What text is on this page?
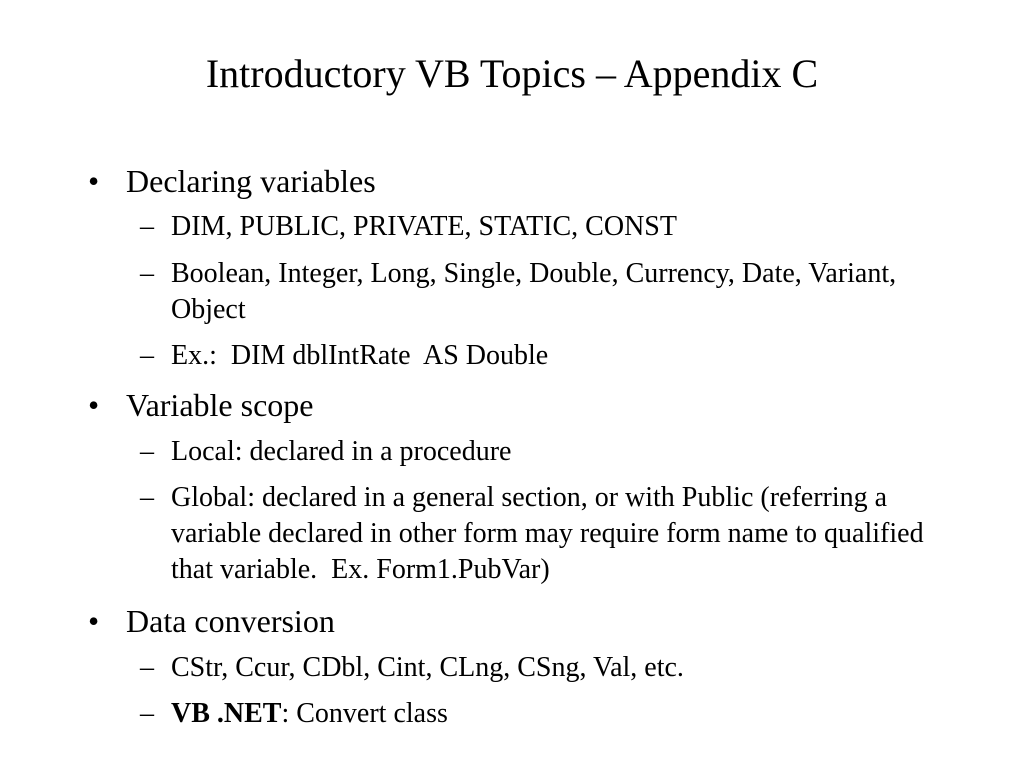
Introductory VB Topics – Appendix C
• Declaring variables
– DIM, PUBLIC, PRIVATE, STATIC, CONST
– Boolean, Integer, Long, Single, Double, Currency, Date, Variant, Object
– Ex.:  DIM dblIntRate  AS Double
• Variable scope
– Local: declared in a procedure
– Global: declared in a general section, or with Public (referring a variable declared in other form may require form name to qualified that variable.  Ex. Form1.PubVar)
• Data conversion
– CStr, Ccur, CDbl, Cint, CLng, CSng, Val, etc.
– VB .NET: Convert class
